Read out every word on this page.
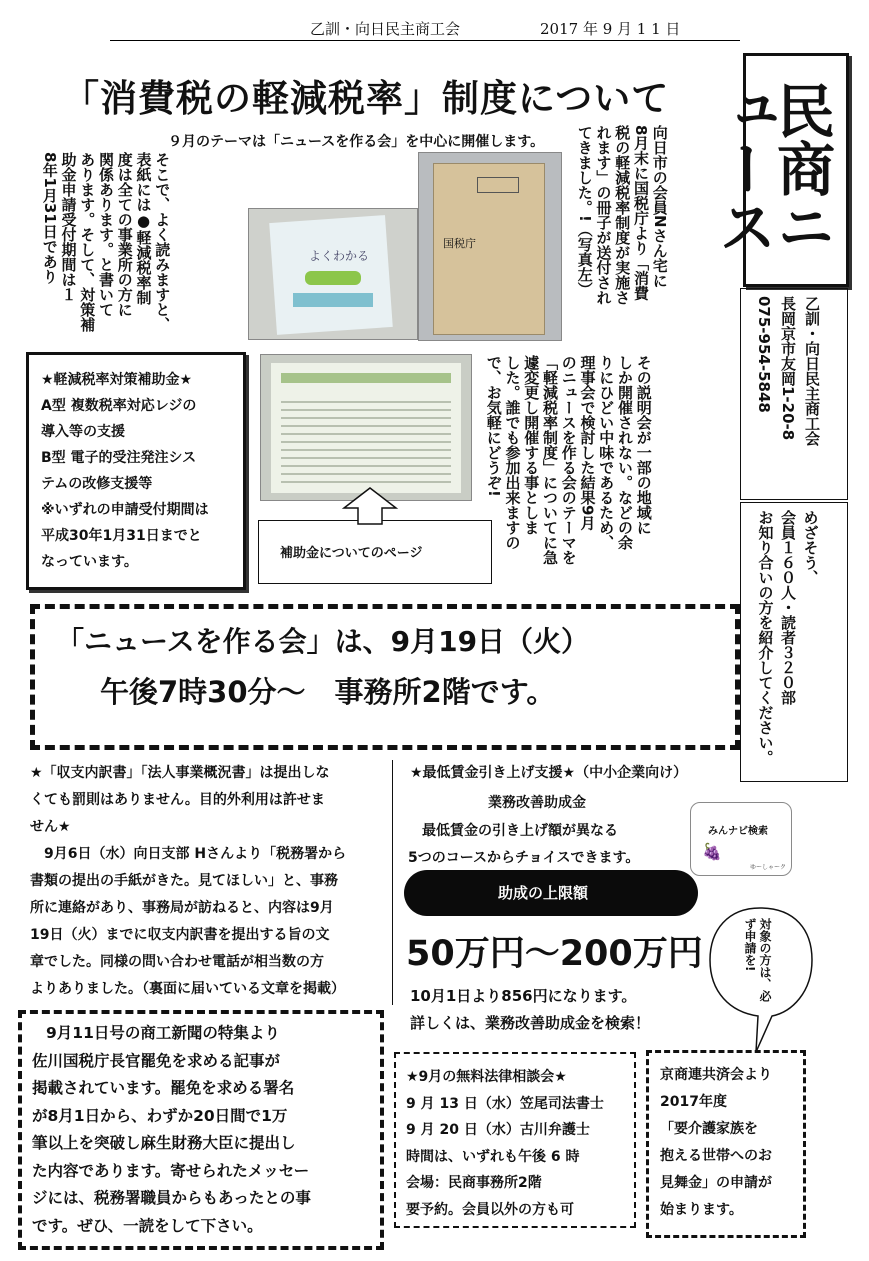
乙訓・向日民主商工会	2017 年 9 月 1 1 日
民商ニュース
「消費税の軽減税率」制度について
９月のテーマは「ニュースを作る会」を中心に開催します。	向日市の会員Nさん宅に
8月末に国税庁より「消費
税の軽減税率制度が実施さ
れます」の冊子が送付され
てきました。!（写真左）
国税庁
よくわかる
補助金についてのページ
そこで、よく読みますと、
表紙には●軽減税率制
度は全ての事業所の方に
関係あります。と書いて
あります。そして、対策補
助金申請受付期間は１
8年1月31日であり
★軽減税率対策補助金★
A型 複数税率対応レジの
導入等の支援
B型 電子的受注発注シス
テムの改修支援等
※いずれの申請受付期間は
平成30年1月31日までと
なっています。
その説明会が一部の地域に
しか開催されない。などの余
りにひどい中味であるため、
理事会で検討した結果9月
のニュースを作る会のテーマを
「軽減税率制度」についてに急
遽変更し開催する事としま
した。誰でも参加出来ますの
で、お気軽にどうぞ!	乙訓・向日民主商工会
長岡京市友岡1-20-8
075-954-5848
めざそう、
会員１６０人・読者３２０部
お知り合いの方を紹介してください。
「ニュースを作る会」は、9月19日（火）
午後7時30分～　事務所2階です。
★「収支内訳書」「法人事業概況書」は提出しな
くても罰則はありません。目的外利用は許せま
せん★
9月6日（水）向日支部 Hさんより「税務署から
書類の提出の手紙がきた。見てほしい」と、事務
所に連絡があり、事務局が訪ねると、内容は9月
19日（火）までに収支内訳書を提出する旨の文
章でした。同様の問い合わせ電話が相当数の方
よりありました。（裏面に届いている文章を掲載）
9月11日号の商工新聞の特集より
佐川国税庁長官罷免を求める記事が
掲載されています。罷免を求める署名
が8月1日から、わずか20日間で1万
筆以上を突破し麻生財務大臣に提出し
た内容であります。寄せられたメッセー
ジには、税務署職員からもあったとの事
です。ぜひ、一読をして下さい。
★最低賃金引き上げ支援★（中小企業向け）
業務改善助成金
最低賃金の引き上げ額が異なる
5つのコースからチョイスできます。
みんナビ検索
🍇
ゆーしゃーク
助成の上限額
50万円～200万円
10月1日より856円になります。
詳しくは、業務改善助成金を検索！
対象の方は、必ず申請を!
★9月の無料法律相談会★
9 月 13 日（水）笠尾司法書士
9 月 20 日（水）古川弁護士
時間は、いずれも午後 6 時
会場：民商事務所2階
要予約。会員以外の方も可
京商連共済会より
2017年度
「要介護家族を
抱える世帯へのお
見舞金」の申請が
始まります。
